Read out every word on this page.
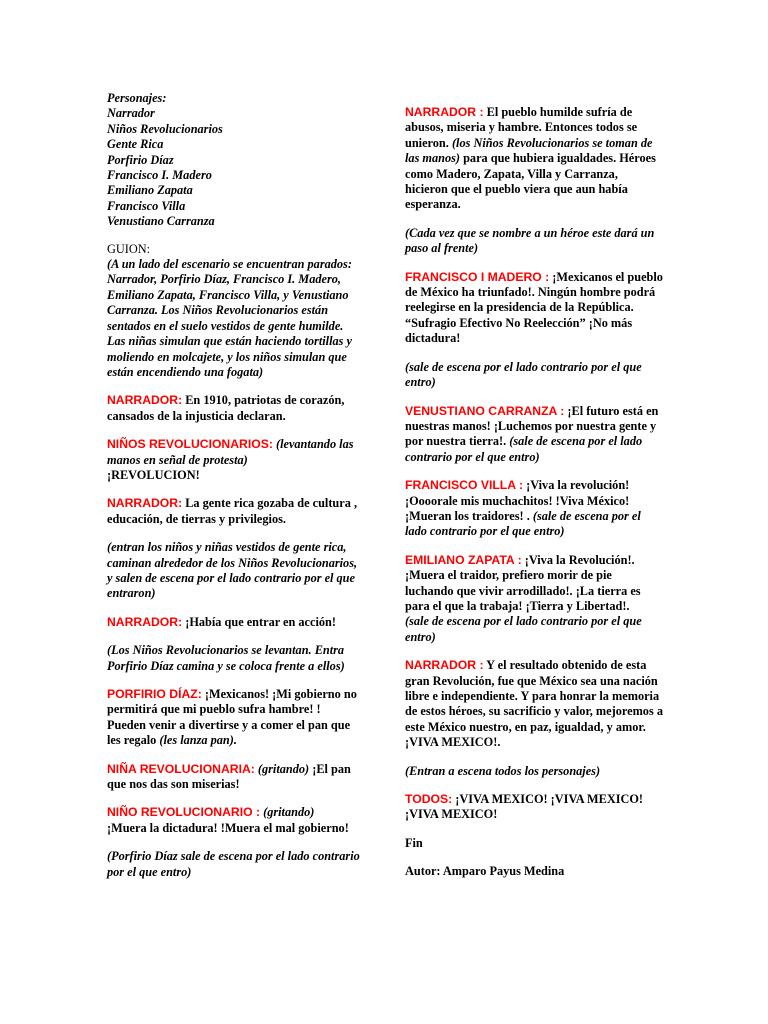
Personajes:
Narrador
Niños Revolucionarios
Gente Rica
Porfirio Díaz
Francisco I. Madero
Emiliano Zapata
Francisco Villa
Venustiano Carranza
GUION:
(A un lado del escenario se encuentran parados: Narrador, Porfirio Díaz, Francisco I. Madero, Emiliano Zapata, Francisco Villa, y Venustiano Carranza. Los Niños Revolucionarios están sentados en el suelo vestidos de gente humilde. Las niñas simulan que están haciendo tortillas y moliendo en molcajete, y los niños simulan que están encendiendo una fogata)
NARRADOR: En 1910, patriotas de corazón, cansados de la injusticia declaran.
NIÑOS REVOLUCIONARIOS: (levantando las manos en señal de protesta)
¡REVOLUCION!
NARRADOR: La gente rica gozaba de cultura , educación, de tierras y privilegios.
(entran los niños y niñas vestidos de gente rica, caminan alrededor de los Niños Revolucionarios, y salen de escena por el lado contrario por el que entraron)
NARRADOR: ¡Había que entrar en acción!
(Los Niños Revolucionarios se levantan. Entra Porfirio Díaz camina y se coloca frente a ellos)
PORFIRIO DÍAZ: ¡Mexicanos! ¡Mi gobierno no permitirá que mi pueblo sufra hambre! ! Pueden venir a divertirse y a comer el pan que les regalo (les lanza pan).
NIÑA REVOLUCIONARIA: (gritando) ¡El pan que nos das son miserias!
NIÑO REVOLUCIONARIO : (gritando)
¡Muera la dictadura! !Muera el mal gobierno!
(Porfirio Díaz sale de escena por el lado contrario por el que entro)
NARRADOR : El pueblo humilde sufría de abusos, miseria y hambre. Entonces todos se unieron. (los Niños Revolucionarios se toman de las manos) para que hubiera igualdades. Héroes como Madero, Zapata, Villa y Carranza, hicieron que el pueblo viera que aun había esperanza.
(Cada vez que se nombre a un héroe este dará un paso al frente)
FRANCISCO I MADERO : ¡Mexicanos el pueblo de México ha triunfado!. Ningún hombre podrá reelegirse en la presidencia de la República. “Sufragio Efectivo No Reelección” ¡No más dictadura!
(sale de escena por el lado contrario por el que entro)
VENUSTIANO CARRANZA : ¡El futuro está en nuestras manos! ¡Luchemos por nuestra gente y por nuestra tierra!. (sale de escena por el lado contrario por el que entro)
FRANCISCO VILLA : ¡Viva la revolución! ¡Oooorale mis muchachitos! !Viva México! ¡Mueran los traidores! . (sale de escena por el lado contrario por el que entro)
EMILIANO ZAPATA : ¡Viva la Revolución!. ¡Muera el traidor, prefiero morir de pie luchando que vivir arrodillado!. ¡La tierra es para el que la trabaja! ¡Tierra y Libertad!.
(sale de escena por el lado contrario por el que entro)
NARRADOR : Y el resultado obtenido de esta gran Revolución, fue que México sea una nación libre e independiente. Y para honrar la memoria de estos héroes, su sacrificio y valor, mejoremos a este México nuestro, en paz, igualdad, y amor. ¡VIVA MEXICO!.
(Entran a escena todos los personajes)
TODOS: ¡VIVA MEXICO! ¡VIVA MEXICO! ¡VIVA MEXICO!
Fin
Autor: Amparo Payus Medina
